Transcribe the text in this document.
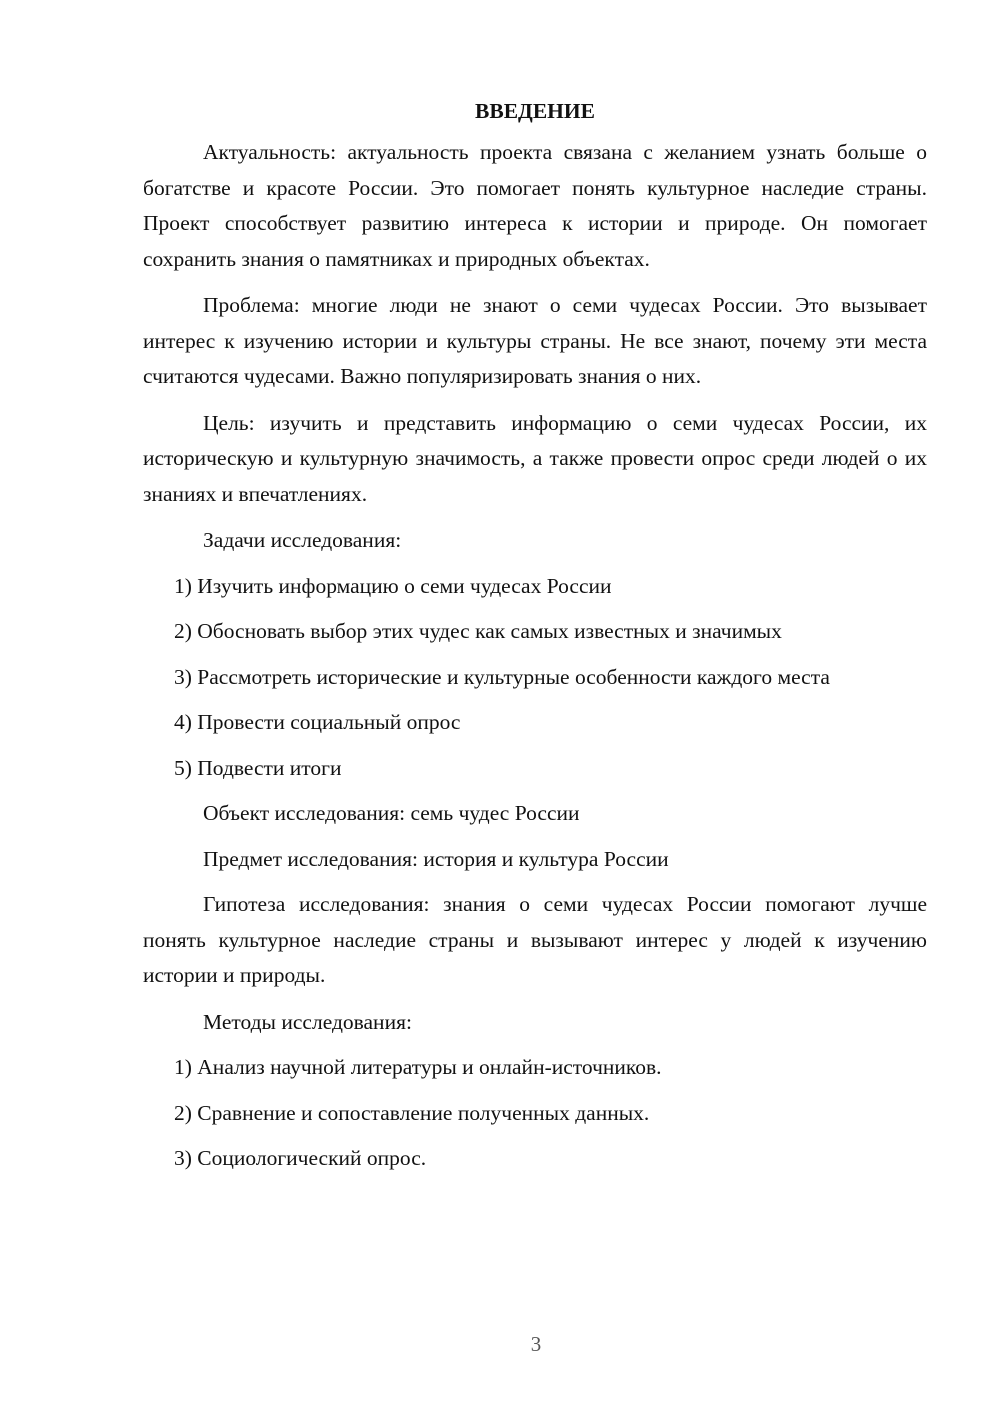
ВВЕДЕНИЕ

Актуальность: актуальность проекта связана с желанием узнать больше о богатстве и красоте России. Это помогает понять культурное наследие страны. Проект способствует развитию интереса к истории и природе. Он помогает сохранить знания о памятниках и природных объектах.

Проблема: многие люди не знают о семи чудесах России. Это вызывает интерес к изучению истории и культуры страны. Не все знают, почему эти места считаются чудесами. Важно популяризировать знания о них.

Цель: изучить и представить информацию о семи чудесах России, их историческую и культурную значимость, а также провести опрос среди людей о их знаниях и впечатлениях.

Задачи исследования:
1) Изучить информацию о семи чудесах России
2) Обосновать выбор этих чудес как самых известных и значимых
3) Рассмотреть исторические и культурные особенности каждого места
4) Провести социальный опрос
5) Подвести итоги
Объект исследования: семь чудес России
Предмет исследования: история и культура России

Гипотеза исследования: знания о семи чудесах России помогают лучше понять культурное наследие страны и вызывают интерес у людей к изучению истории и природы.

Методы исследования:
1) Анализ научной литературы и онлайн-источников.
2) Сравнение и сопоставление полученных данных.
3) Социологический опрос.
3
